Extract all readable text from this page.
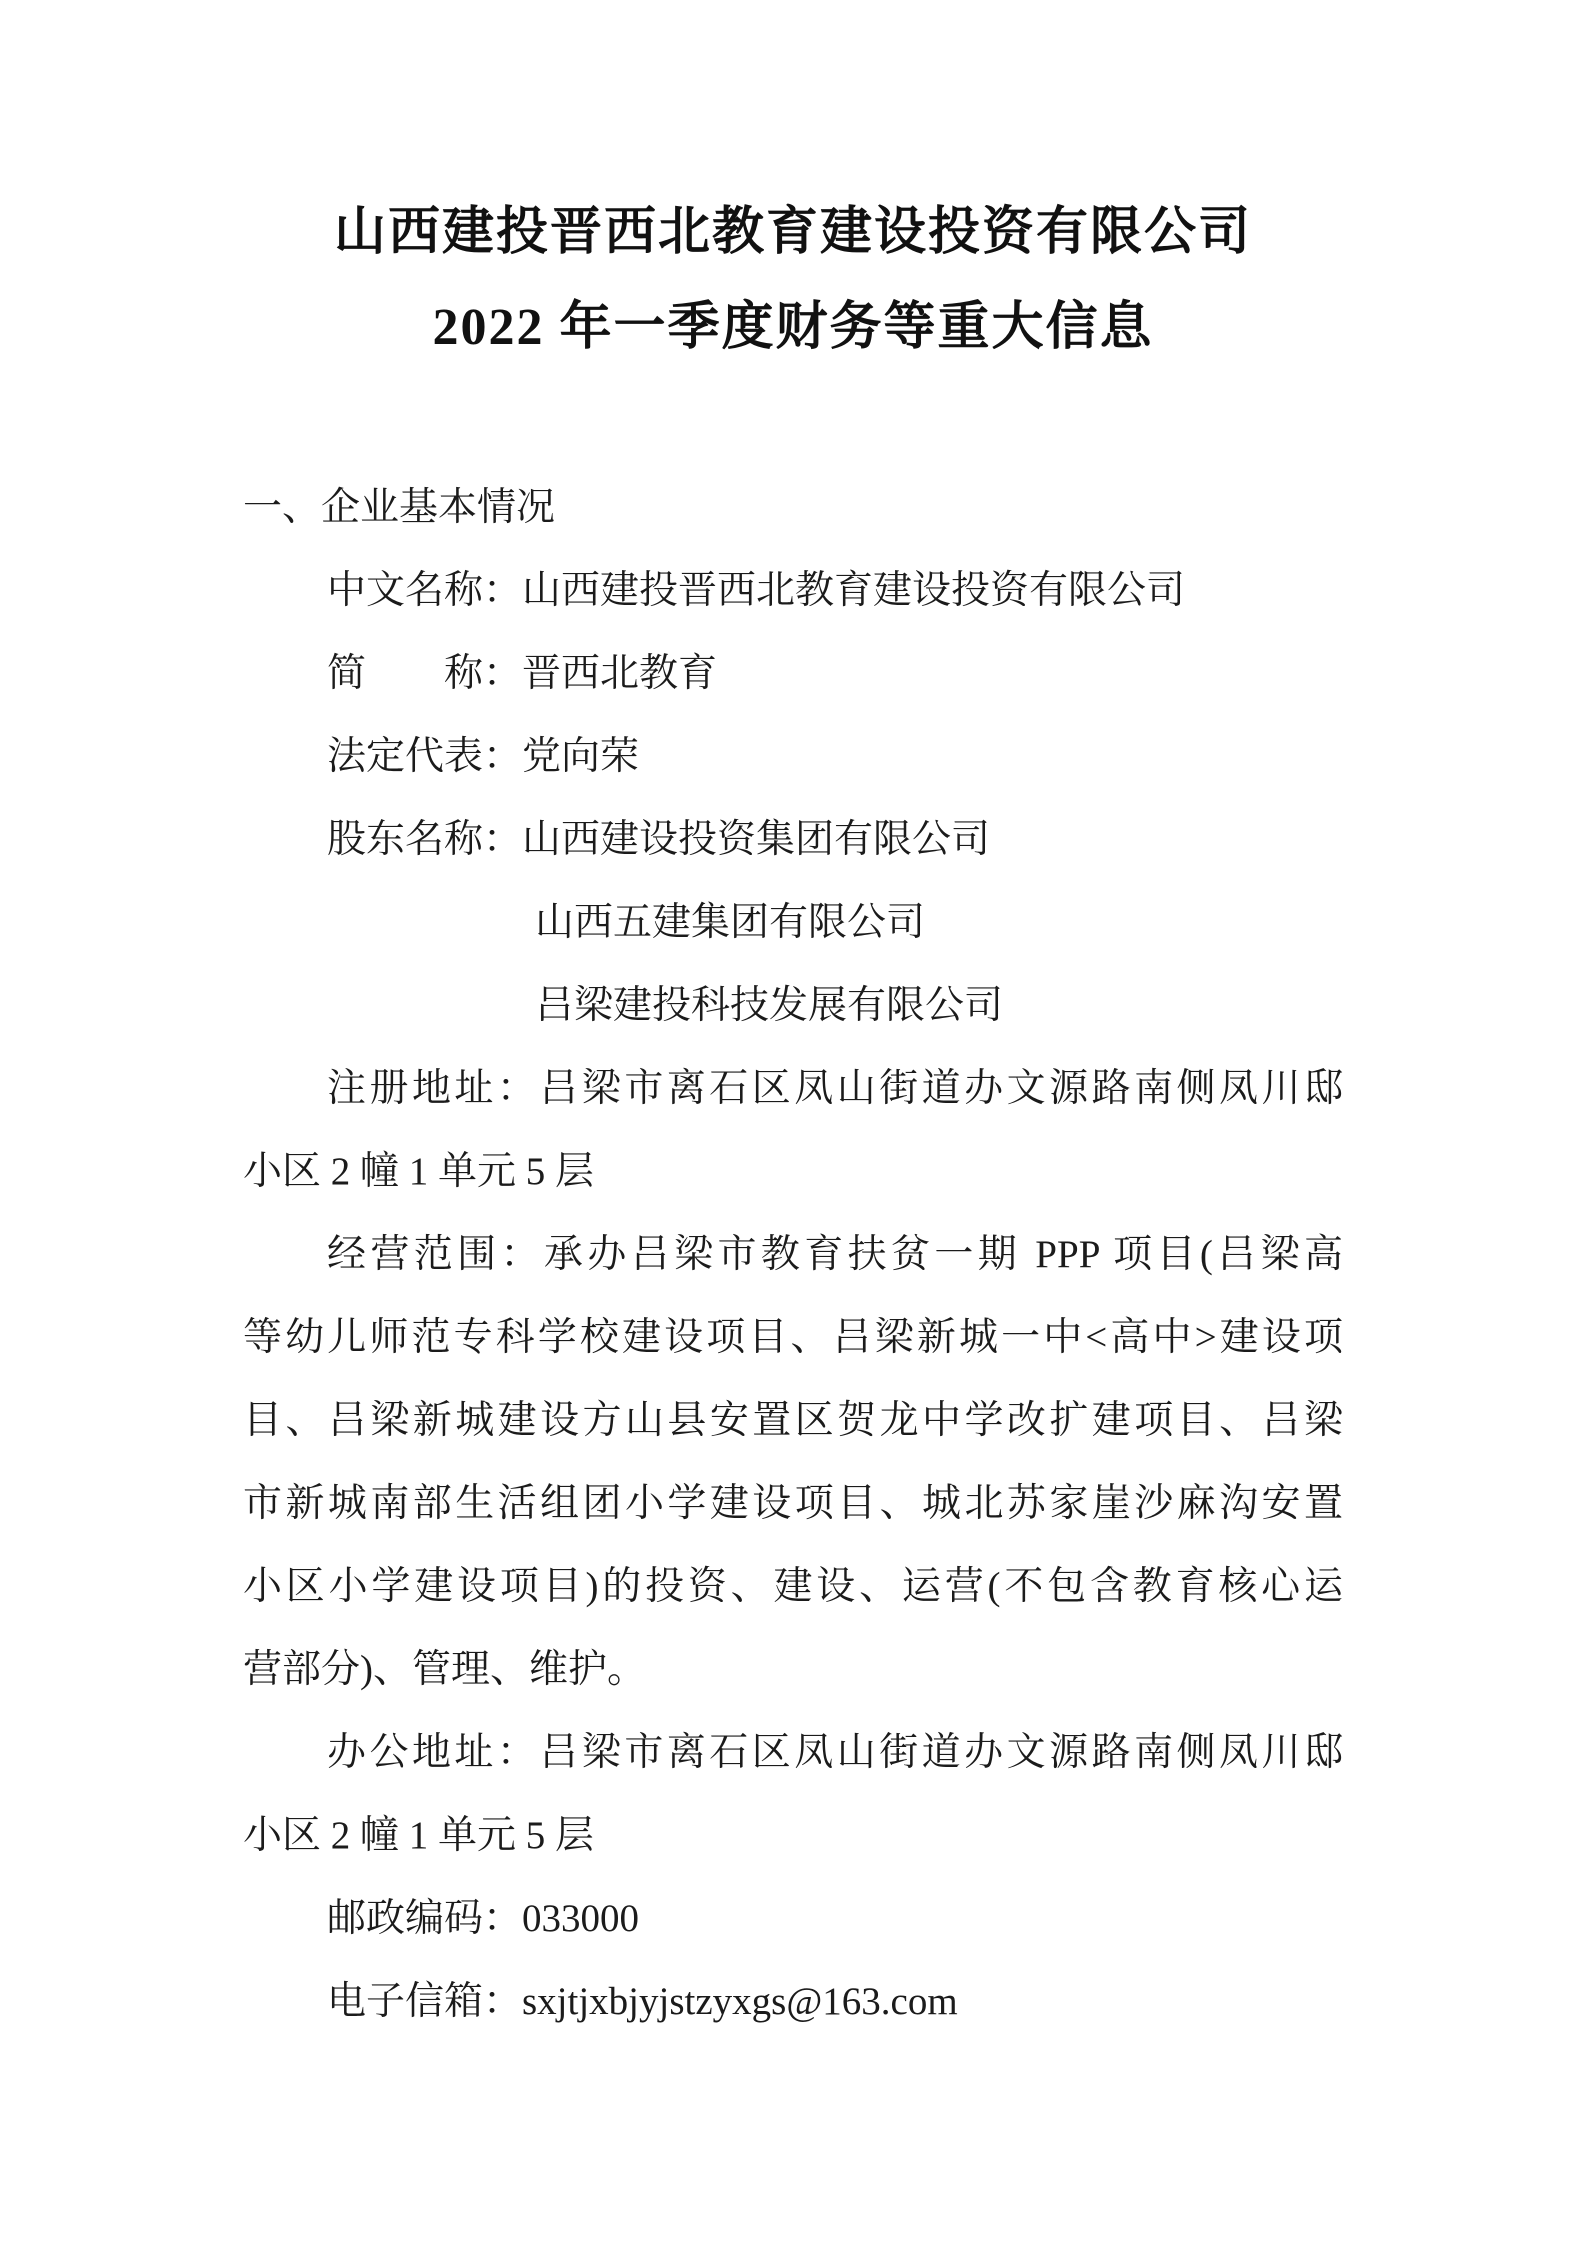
山西建投晋西北教育建设投资有限公司
2022 年一季度财务等重大信息
一、企业基本情况
中文名称：山西建投晋西北教育建设投资有限公司
简　　称：晋西北教育
法定代表：党向荣
股东名称：山西建设投资集团有限公司
山西五建集团有限公司
吕梁建投科技发展有限公司
注册地址：吕梁市离石区凤山街道办文源路南侧凤川邸
小区 2 幢 1 单元 5 层
经营范围：承办吕梁市教育扶贫一期 PPP 项目(吕梁高
等幼儿师范专科学校建设项目、吕梁新城一中<高中>建设项
目、吕梁新城建设方山县安置区贺龙中学改扩建项目、吕梁
市新城南部生活组团小学建设项目、城北苏家崖沙麻沟安置
小区小学建设项目)的投资、建设、运营(不包含教育核心运
营部分)、管理、维护。
办公地址：吕梁市离石区凤山街道办文源路南侧凤川邸
小区 2 幢 1 单元 5 层
邮政编码：033000
电子信箱：sxjtjxbjyjstzyxgs@163.com
